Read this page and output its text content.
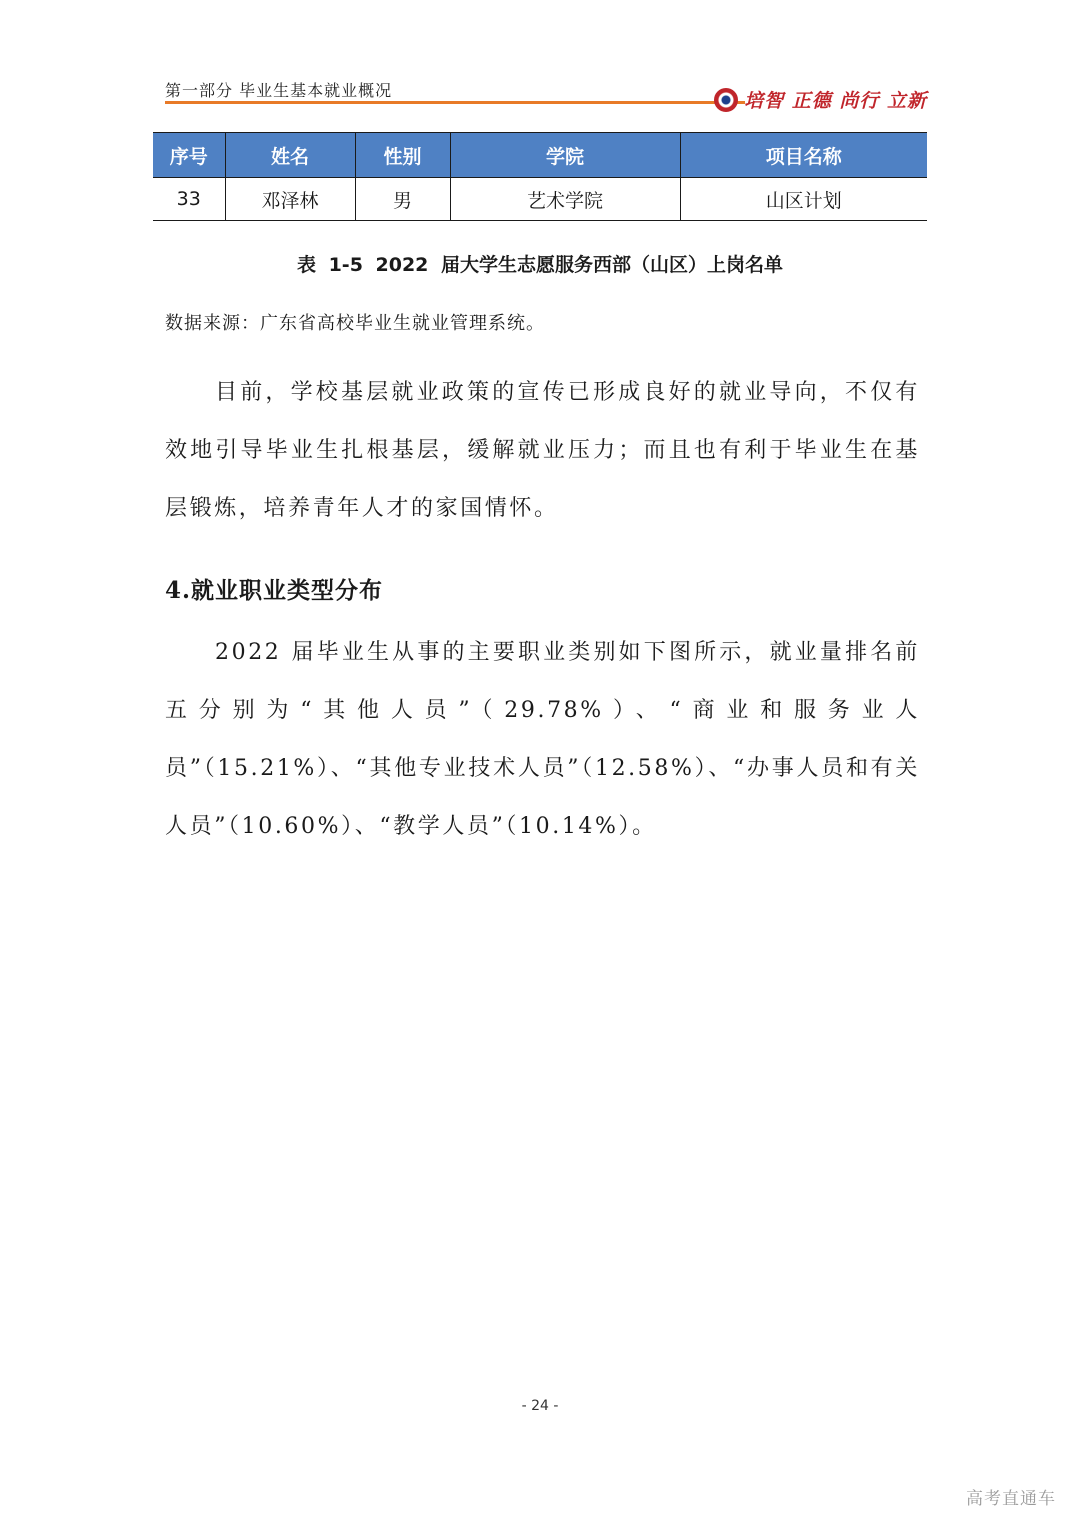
第一部分 毕业生基本就业概况	培智 正德 尚行 立新
序号	姓名	性别	学院	项目名称
33	邓泽林	男	艺术学院	山区计划
表 1-5 2022 届大学生志愿服务西部（山区）上岗名单
数据来源：广东省高校毕业生就业管理系统。

目前，学校基层就业政策的宣传已形成良好的就业导向，不仅有效地引导毕业生扎根基层，缓解就业压力；而且也有利于毕业生在基层锻炼，培养青年人才的家国情怀。

4.就业职业类型分布

2022 届毕业生从事的主要职业类别如下图所示，就业量排名前五分别为“其他人员”（29.78%）、“商业和服务业人员”（15.21%）、“其他专业技术人员”（12.58%）、“办事人员和有关人员”（10.60%）、“教学人员”（10.14%）。

- 24 -
高考直通车
